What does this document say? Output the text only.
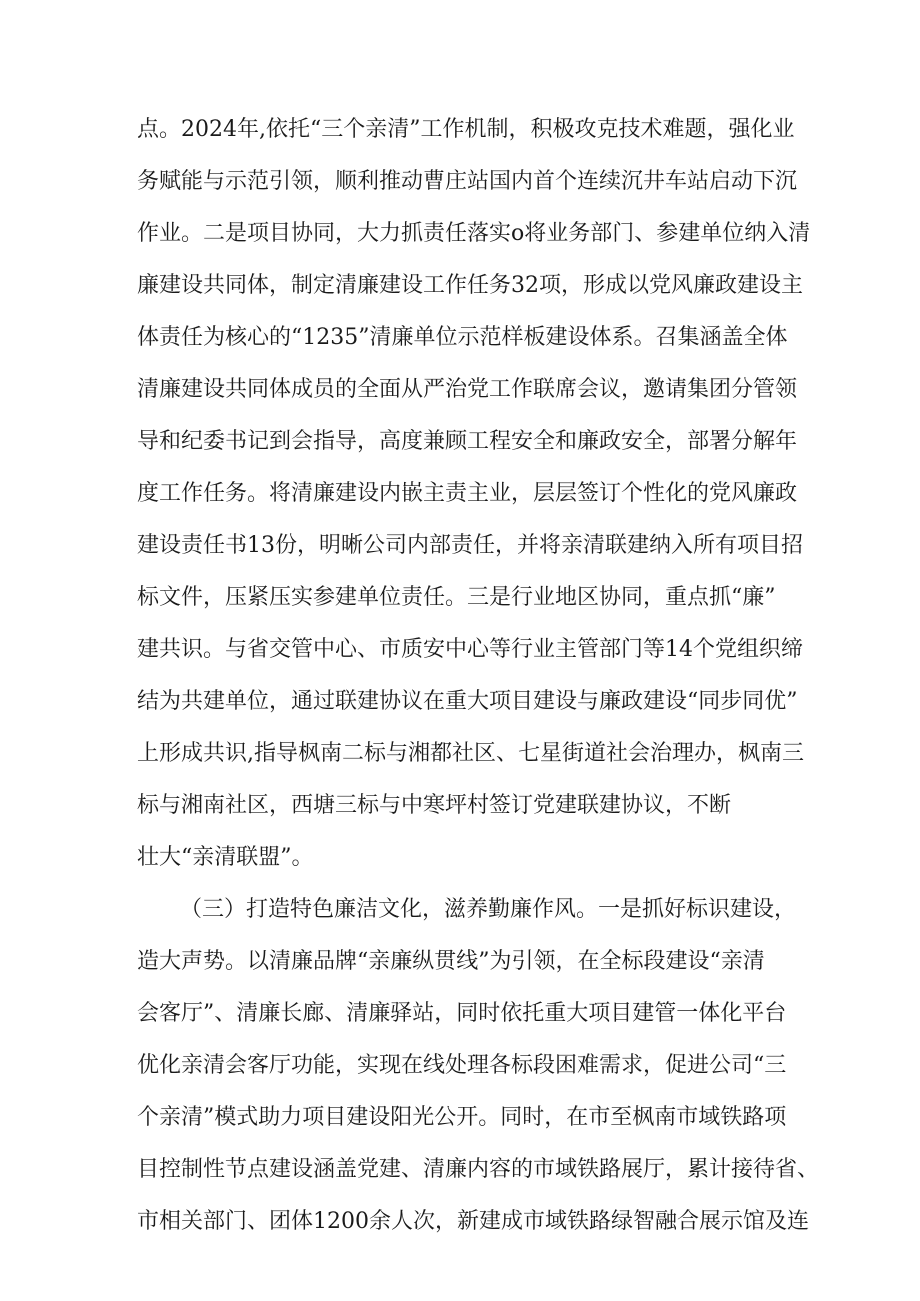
点。2024年,依托“三个亲清”工作机制，积极攻克技术难题，强化业
务赋能与示范引领，顺利推动曹庄站国内首个连续沉井车站启动下沉
作业。二是项目协同，大力抓责任落实o将业务部门、参建单位纳入清
廉建设共同体，制定清廉建设工作任务32项，形成以党风廉政建设主
体责任为核心的“1235”清廉单位示范样板建设体系。召集涵盖全体
清廉建设共同体成员的全面从严治党工作联席会议，邀请集团分管领
导和纪委书记到会指导，高度兼顾工程安全和廉政安全，部署分解年
度工作任务。将清廉建设内嵌主责主业，层层签订个性化的党风廉政
建设责任书13份，明晰公司内部责任，并将亲清联建纳入所有项目招
标文件，压紧压实参建单位责任。三是行业地区协同，重点抓“廉”
建共识。与省交管中心、市质安中心等行业主管部门等14个党组织缔
结为共建单位，通过联建协议在重大项目建设与廉政建设“同步同优”
上形成共识,指导枫南二标与湘都社区、七星街道社会治理办，枫南三
标与湘南社区，西塘三标与中寒坪村签订党建联建协议，不断
壮大“亲清联盟”。
（三）打造特色廉洁文化，滋养勤廉作风。一是抓好标识建设，
造大声势。以清廉品牌“亲廉纵贯线”为引领，在全标段建设“亲清
会客厅”、清廉长廊、清廉驿站，同时依托重大项目建管一体化平台
优化亲清会客厅功能，实现在线处理各标段困难需求，促进公司“三
个亲清”模式助力项目建设阳光公开。同时，在市至枫南市域铁路项
目控制性节点建设涵盖党建、清廉内容的市域铁路展厅，累计接待省、
市相关部门、团体1200余人次，新建成市域铁路绿智融合展示馆及连
